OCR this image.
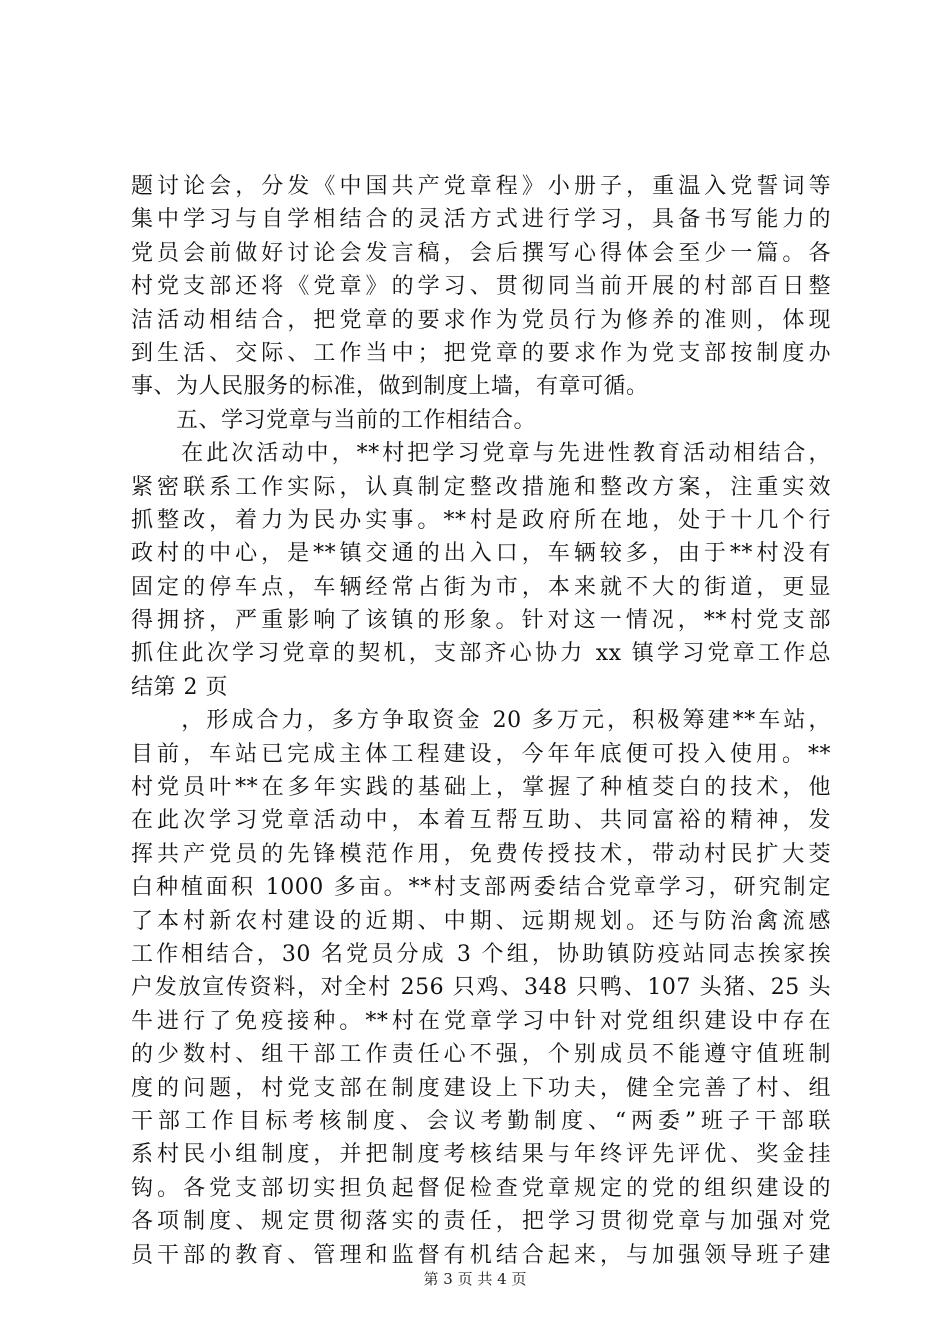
题讨论会，分发《中国共产党章程》小册子，重温入党誓词等
集中学习与自学相结合的灵活方式进行学习，具备书写能力的
党员会前做好讨论会发言稿，会后撰写心得体会至少一篇。各
村党支部还将《党章》的学习、贯彻同当前开展的村部百日整
洁活动相结合，把党章的要求作为党员行为修养的准则，体现
到生活、交际、工作当中；把党章的要求作为党支部按制度办
事、为人民服务的标准，做到制度上墙，有章可循。
　　五、学习党章与当前的工作相结合。
　　在此次活动中，**村把学习党章与先进性教育活动相结合，
紧密联系工作实际，认真制定整改措施和整改方案，注重实效
抓整改，着力为民办实事。**村是政府所在地，处于十几个行
政村的中心，是**镇交通的出入口，车辆较多，由于**村没有
固定的停车点，车辆经常占街为市，本来就不大的街道，更显
得拥挤，严重影响了该镇的形象。针对这一情况，**村党支部
抓住此次学习党章的契机，支部齐心协力 xx 镇学习党章工作总
结第 2 页
　　，形成合力，多方争取资金 20 多万元，积极筹建**车站，
目前，车站已完成主体工程建设，今年年底便可投入使用。**
村党员叶**在多年实践的基础上，掌握了种植茭白的技术，他
在此次学习党章活动中，本着互帮互助、共同富裕的精神，发
挥共产党员的先锋模范作用，免费传授技术，带动村民扩大茭
白种植面积 1000 多亩。**村支部两委结合党章学习，研究制定
了本村新农村建设的近期、中期、远期规划。还与防治禽流感
工作相结合，30 名党员分成 3 个组，协助镇防疫站同志挨家挨
户发放宣传资料，对全村 256 只鸡、348 只鸭、107 头猪、25 头
牛进行了免疫接种。**村在党章学习中针对党组织建设中存在
的少数村、组干部工作责任心不强，个别成员不能遵守值班制
度的问题，村党支部在制度建设上下功夫，健全完善了村、组
干部工作目标考核制度、会议考勤制度、“两委”班子干部联
系村民小组制度，并把制度考核结果与年终评先评优、奖金挂
钩。各党支部切实担负起督促检查党章规定的党的组织建设的
各项制度、规定贯彻落实的责任，把学习贯彻党章与加强对党
员干部的教育、管理和监督有机结合起来，与加强领导班子建
第 3 页 共 4 页
